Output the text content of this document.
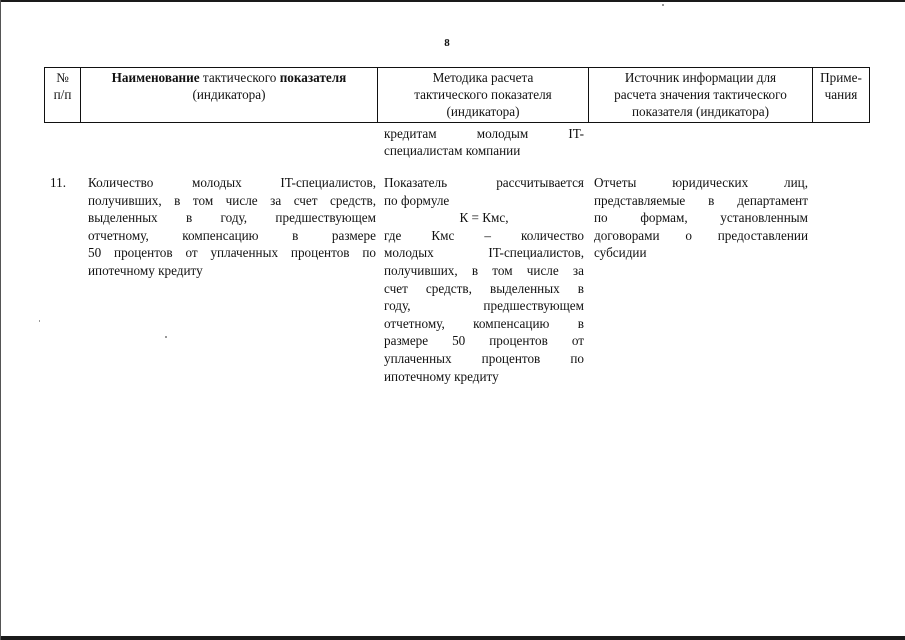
8
№
п/п
Наименование тактического показателя
(индикатора)
Методика расчета
тактического показателя
(индикатора)
Источник информации для
расчета значения тактического
показателя (индикатора)
Приме-
чания
кредитам молодым IT-
специалистам компании
11. Количество молодых IT-специалистов,
получивших, в том числе за счет средств,
выделенных в году, предшествующем
отчетному, компенсацию в размере
50 процентов от уплаченных процентов по
ипотечному кредиту
Показатель рассчитывается
по формуле
К = Кмс,
где Кмс – количество
молодых IT-специалистов,
получивших, в том числе за
счет средств, выделенных в
году, предшествующем
отчетному, компенсацию в
размере 50 процентов от
уплаченных процентов по
ипотечному кредиту
Отчеты юридических лиц,
представляемые в департамент
по формам, установленным
договорами о предоставлении
субсидии
